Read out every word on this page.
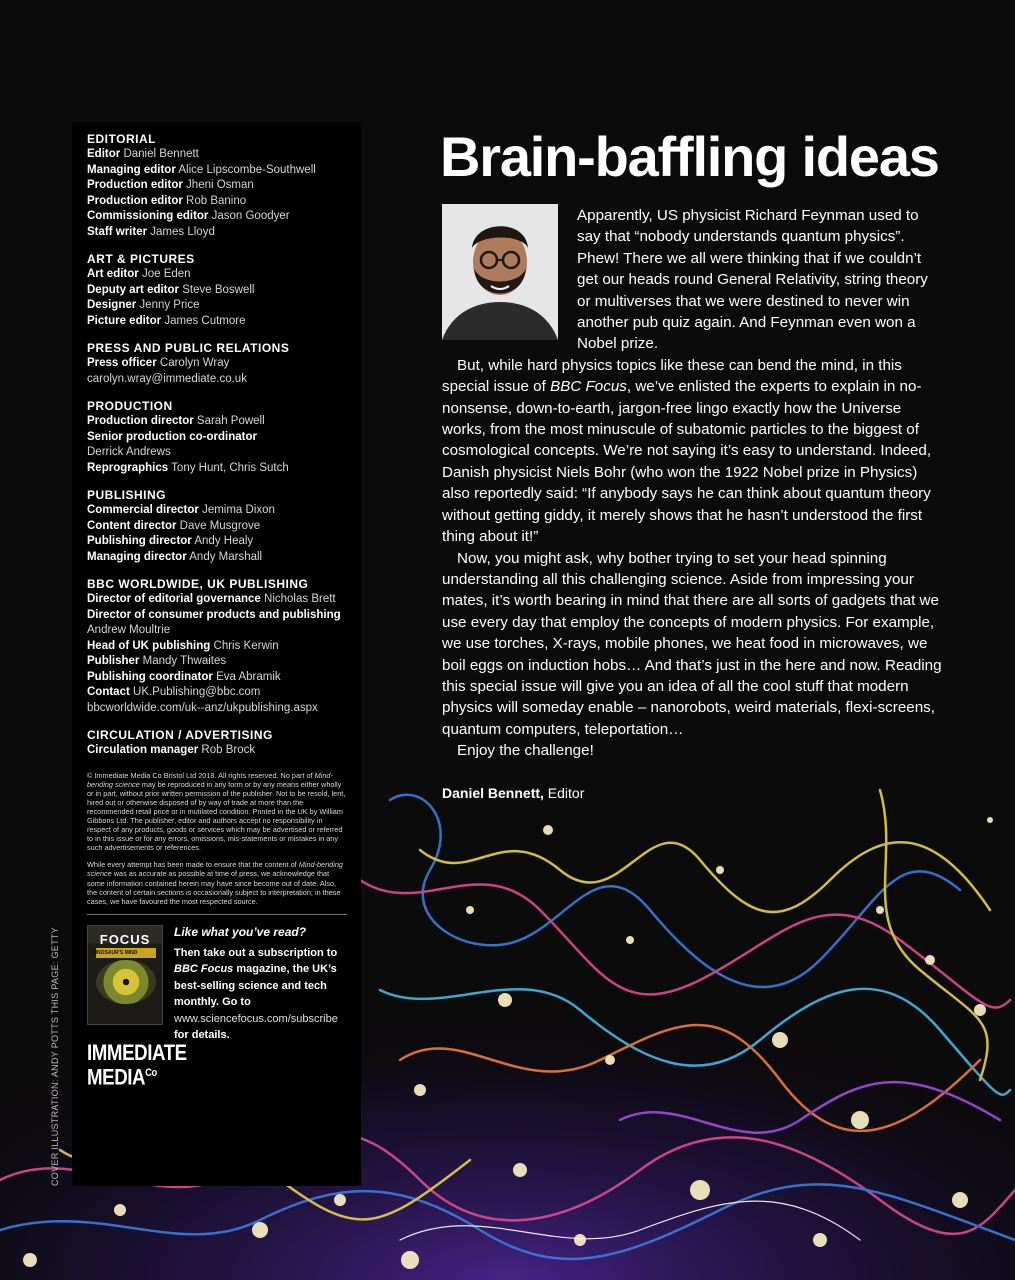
EDITORIAL
Editor Daniel Bennett
Managing editor Alice Lipscombe-Southwell
Production editor Jheni Osman
Production editor Rob Banino
Commissioning editor Jason Goodyer
Staff writer James Lloyd
ART & PICTURES
Art editor Joe Eden
Deputy art editor Steve Boswell
Designer Jenny Price
Picture editor James Cutmore
PRESS AND PUBLIC RELATIONS
Press officer Carolyn Wray
carolyn.wray@immediate.co.uk
PRODUCTION
Production director Sarah Powell
Senior production co-ordinator
Derrick Andrews
Reprographics Tony Hunt, Chris Sutch
PUBLISHING
Commercial director Jemima Dixon
Content director Dave Musgrove
Publishing director Andy Healy
Managing director Andy Marshall
BBC WORLDWIDE, UK PUBLISHING
Director of editorial governance Nicholas Brett
Director of consumer products and publishing
Andrew Moultrie
Head of UK publishing Chris Kerwin
Publisher Mandy Thwaites
Publishing coordinator Eva Abramik
Contact UK.Publishing@bbc.com
bbcworldwide.com/uk--anz/ukpublishing.aspx
CIRCULATION / ADVERTISING
Circulation manager Rob Brock

© Immediate Media Co Bristol Ltd 2018. All rights reserved. No part of Mind-bending science may be reproduced in any form or by any means either wholly or in part, without prior written permission of the publisher. Not to be resold, lent, hired out or otherwise disposed of by way of trade at more than the recommended retail price or in mutilated condition. Printed in the UK by William Gibbons Ltd. The publisher, editor and authors accept no responsibility in respect of any products, goods or services which may be advertised or referred to in this issue or for any errors, omissions, mis-statements or mistakes in any such advertisements or references.

While every attempt has been made to ensure that the content of Mind-bending science was as accurate as possible at time of press, we acknowledge that some information contained herein may have since become out of date. Also, the content of certain sections is occasionally subject to interpretation; in these cases, we have favoured the most respected source.

FOCUS
DINOSAUR'S MIND
Like what you’ve read?
Then take out a subscription to BBC Focus magazine, the UK’s best-selling science and tech monthly. Go to www.sciencefocus.com/subscribe for details.
IMMEDIATE
$MEDIA^{Co}$
COVER ILLUSTRATION: ANDY POTTS THIS PAGE: GETTY
Brain-baffling ideas

Apparently, US physicist Richard Feynman used to say that “nobody understands quantum physics”. Phew! There we all were thinking that if we couldn’t get our heads round General Relativity, string theory or multiverses that we were destined to never win another pub quiz again. And Feynman even won a Nobel prize.

But, while hard physics topics like these can bend the mind, in this special issue of BBC Focus, we’ve enlisted the experts to explain in no-nonsense, down-to-earth, jargon-free lingo exactly how the Universe works, from the most minuscule of subatomic particles to the biggest of cosmological concepts. We’re not saying it’s easy to understand. Indeed, Danish physicist Niels Bohr (who won the 1922 Nobel prize in Physics) also reportedly said: “If anybody says he can think about quantum theory without getting giddy, it merely shows that he hasn’t understood the first thing about it!”

Now, you might ask, why bother trying to set your head spinning understanding all this challenging science. Aside from impressing your mates, it’s worth bearing in mind that there are all sorts of gadgets that we use every day that employ the concepts of modern physics. For example, we use torches, X-rays, mobile phones, we heat food in microwaves, we boil eggs on induction hobs… And that’s just in the here and now. Reading this special issue will give you an idea of all the cool stuff that modern physics will someday enable – nanorobots, weird materials, flexi-screens, quantum computers, teleportation…

Enjoy the challenge!

Daniel Bennett, Editor
